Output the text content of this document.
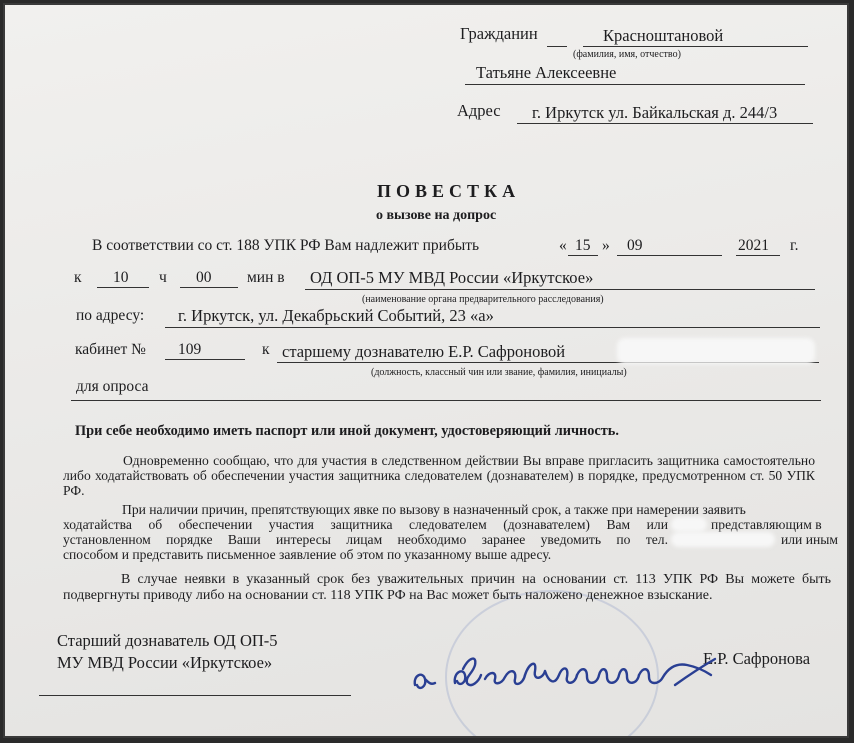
Гражданин	Красноштановой
(фамилия, имя, отчество)
Татьяне Алексеевне
Адрес г. Иркутск ул. Байкальская д. 244/3
ПОВЕСТКА
о вызове на допрос
В соответствии со ст. 188 УПК РФ Вам надлежит прибыть	« 15 » 09	2021 г.
к 10 ч 00 мин в ОД ОП-5 МУ МВД России «Иркутское»
(наименование органа предварительного расследования)
по адресу: г. Иркутск, ул. Декабрьский Событий, 23 «а»
кабинет № 109	к старшему дознавателю Е.Р. Сафроновой
(должность, классный чин или звание, фамилия, инициалы)
для опроса
При себе необходимо иметь паспорт или иной документ, удостоверяющий личность.
Одновременно сообщаю, что для участия в следственном действии Вы вправе пригласить защитника самостоятельно либо ходатайствовать об обеспечении участия защитника следователем (дознавателем) в порядке, предусмотренном ст. 50 УПК РФ.
При наличии причин, препятствующих явке по вызову в назначенный срок, а также при намерении заявить
ходатайства об обеспечении участия защитника следователем (дознавателем) Вам или	представляющим в
установленном порядке Ваши интересы лицам необходимо заранее уведомить по тел.	или иным
способом и представить письменное заявление об этом по указанному выше адресу.
В случае неявки в указанный срок без уважительных причин на основании ст. 113 УПК РФ Вы можете быть подвергнуты приводу либо на основании ст. 118 УПК РФ на Вас может быть наложено денежное взыскание.
Старший дознаватель ОД ОП-5
МУ МВД России «Иркутское»	Е.Р. Сафронова
